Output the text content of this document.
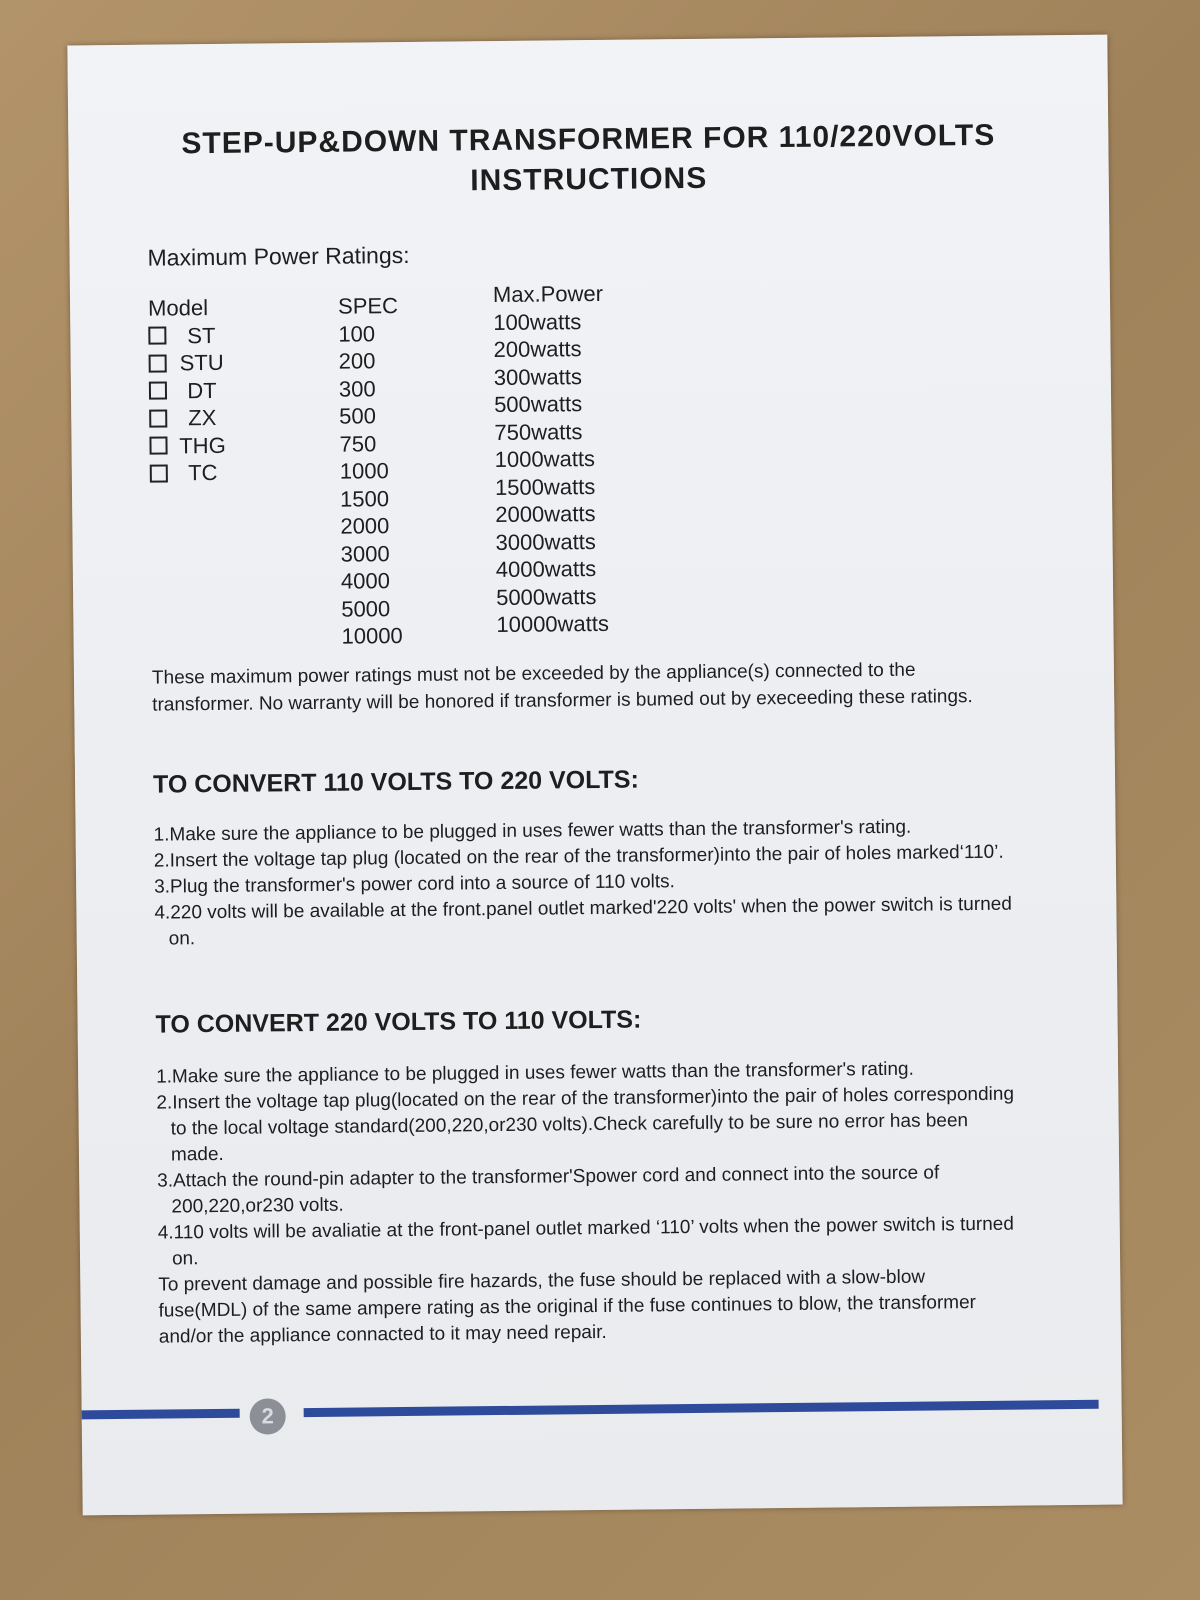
STEP-UP&DOWN TRANSFORMER FOR 110/220VOLTS
INSTRUCTIONS
Maximum Power Ratings:
Model
ST
STU
DT
ZX
THG
TC
SPEC
100
200
300
500
750
1000
1500
2000
3000
4000
5000
10000
Max.Power
100watts
200watts
300watts
500watts
750watts
1000watts
1500watts
2000watts
3000watts
4000watts
5000watts
10000watts
These maximum power ratings must not be exceeded by the appliance(s) connected to the transformer. No warranty will be honored if transformer is bumed out by execeeding these ratings.
TO CONVERT 110 VOLTS TO 220 VOLTS:

1.Make sure the appliance to be plugged in uses fewer watts than the transformer's rating.

2.Insert the voltage tap plug (located on the rear of the transformer)into the pair of holes marked‘110’.

3.Plug the transformer's power cord into a source of 110 volts.

4.220 volts will be available at the front.panel outlet marked'220 volts' when the power switch is turned on.

TO CONVERT 220 VOLTS TO 110 VOLTS:

1.Make sure the appliance to be plugged in uses fewer watts than the transformer's rating.

2.Insert the voltage tap plug(located on the rear of the transformer)into the pair of holes corresponding to the local voltage standard(200,220,or230 volts).Check carefully to be sure no error has been made.

3.Attach the round-pin adapter to the transformer'Spower cord and connect into the source of 200,220,or230 volts.

4.110 volts will be avaliatie at the front-panel outlet marked ‘110’ volts when the power switch is turned on.

To prevent damage and possible fire hazards, the fuse should be replaced with a slow-blow fuse(MDL) of the same ampere rating as the original if the fuse continues to blow, the transformer and/or the appliance connacted to it may need repair.

2
